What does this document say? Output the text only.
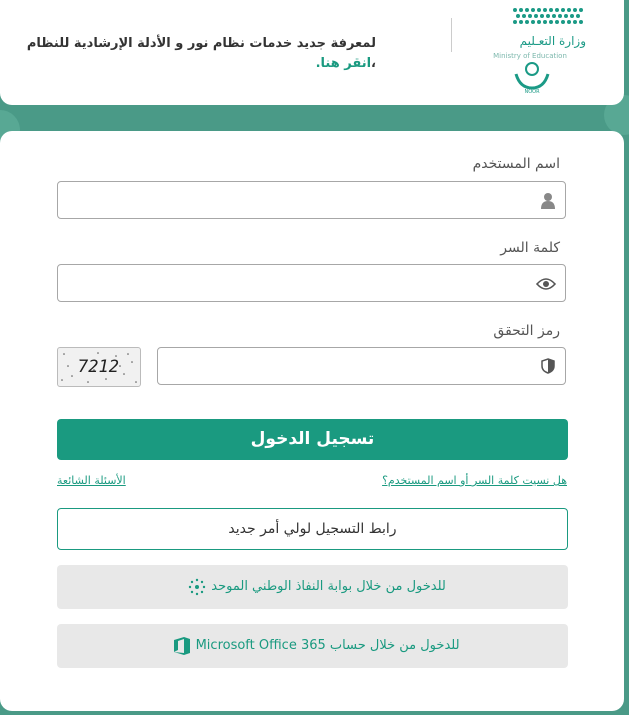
لمعرفة جديد خدمات نظام نور و الأدلة الإرشادية للنظام ،انقر هنا.
وزارة التعـليم
Ministry of Education
NOOR
اسم المستخدم
كلمة السر
رمز التحقق
7212
تسجيل الدخول
هل نسيت كلمة السر أو اسم المستخدم؟
الأسئلة الشائعة
رابط التسجيل لولي أمر جديد
للدخول من خلال بوابة النفاذ الوطني الموحد
للدخول من خلال حساب Microsoft Office 365
